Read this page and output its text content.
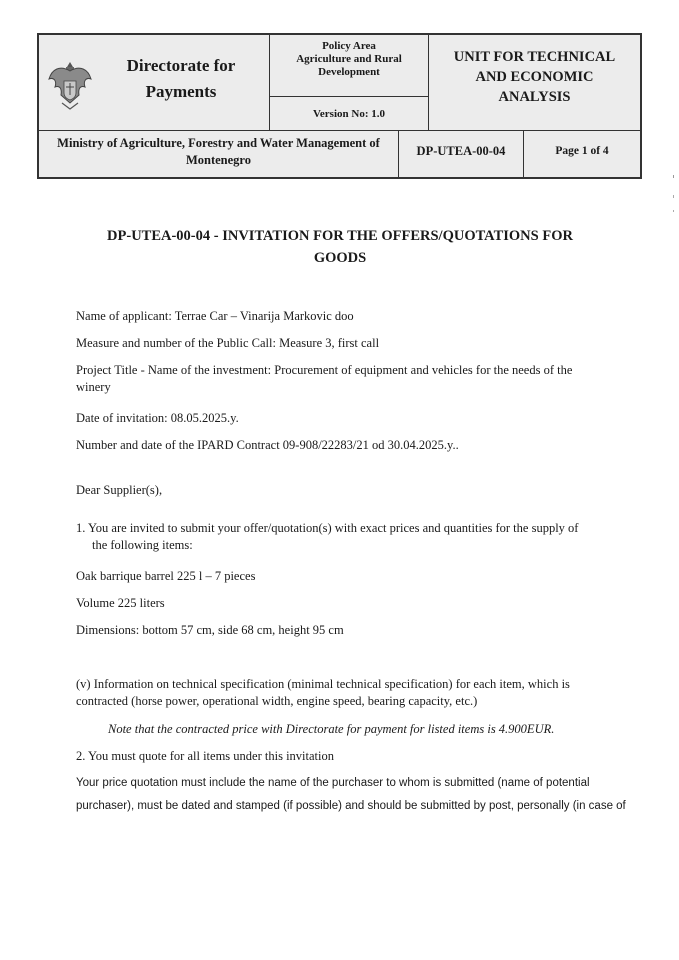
Directorate for
Payments
Policy Area
Agriculture and Rural
Development
Version No: 1.0
UNIT FOR TECHNICAL
AND ECONOMIC
ANALYSIS
Ministry of Agriculture, Forestry and Water Management of
Montenegro
DP-UTEA-00-04	Page 1 of 4
DP-UTEA-00-04 - INVITATION FOR THE OFFERS/QUOTATIONS FOR
GOODS
Name of applicant: Terrae Car – Vinarija Markovic doo
Measure and number of the Public Call: Measure 3, first call
Project Title - Name of the investment: Procurement of equipment and vehicles for the needs of the
winery
Date of invitation: 08.05.2025.y.
Number and date of the IPARD Contract 09-908/22283/21 od 30.04.2025.y..
Dear Supplier(s),
1. You are invited to submit your offer/quotation(s) with exact prices and quantities for the supply of
the following items:
Oak barrique barrel 225 l – 7 pieces
Volume 225 liters
Dimensions: bottom 57 cm, side 68 cm, height 95 cm
(v) Information on technical specification (minimal technical specification) for each item, which is
contracted (horse power, operational width, engine speed, bearing capacity, etc.)
Note that the contracted price with Directorate for payment for listed items is 4.900EUR.
2. You must quote for all items under this invitation
Your price quotation must include the name of the purchaser to whom is submitted (name of potential
purchaser), must be dated and stamped (if possible) and should be submitted by post, personally (in case of
